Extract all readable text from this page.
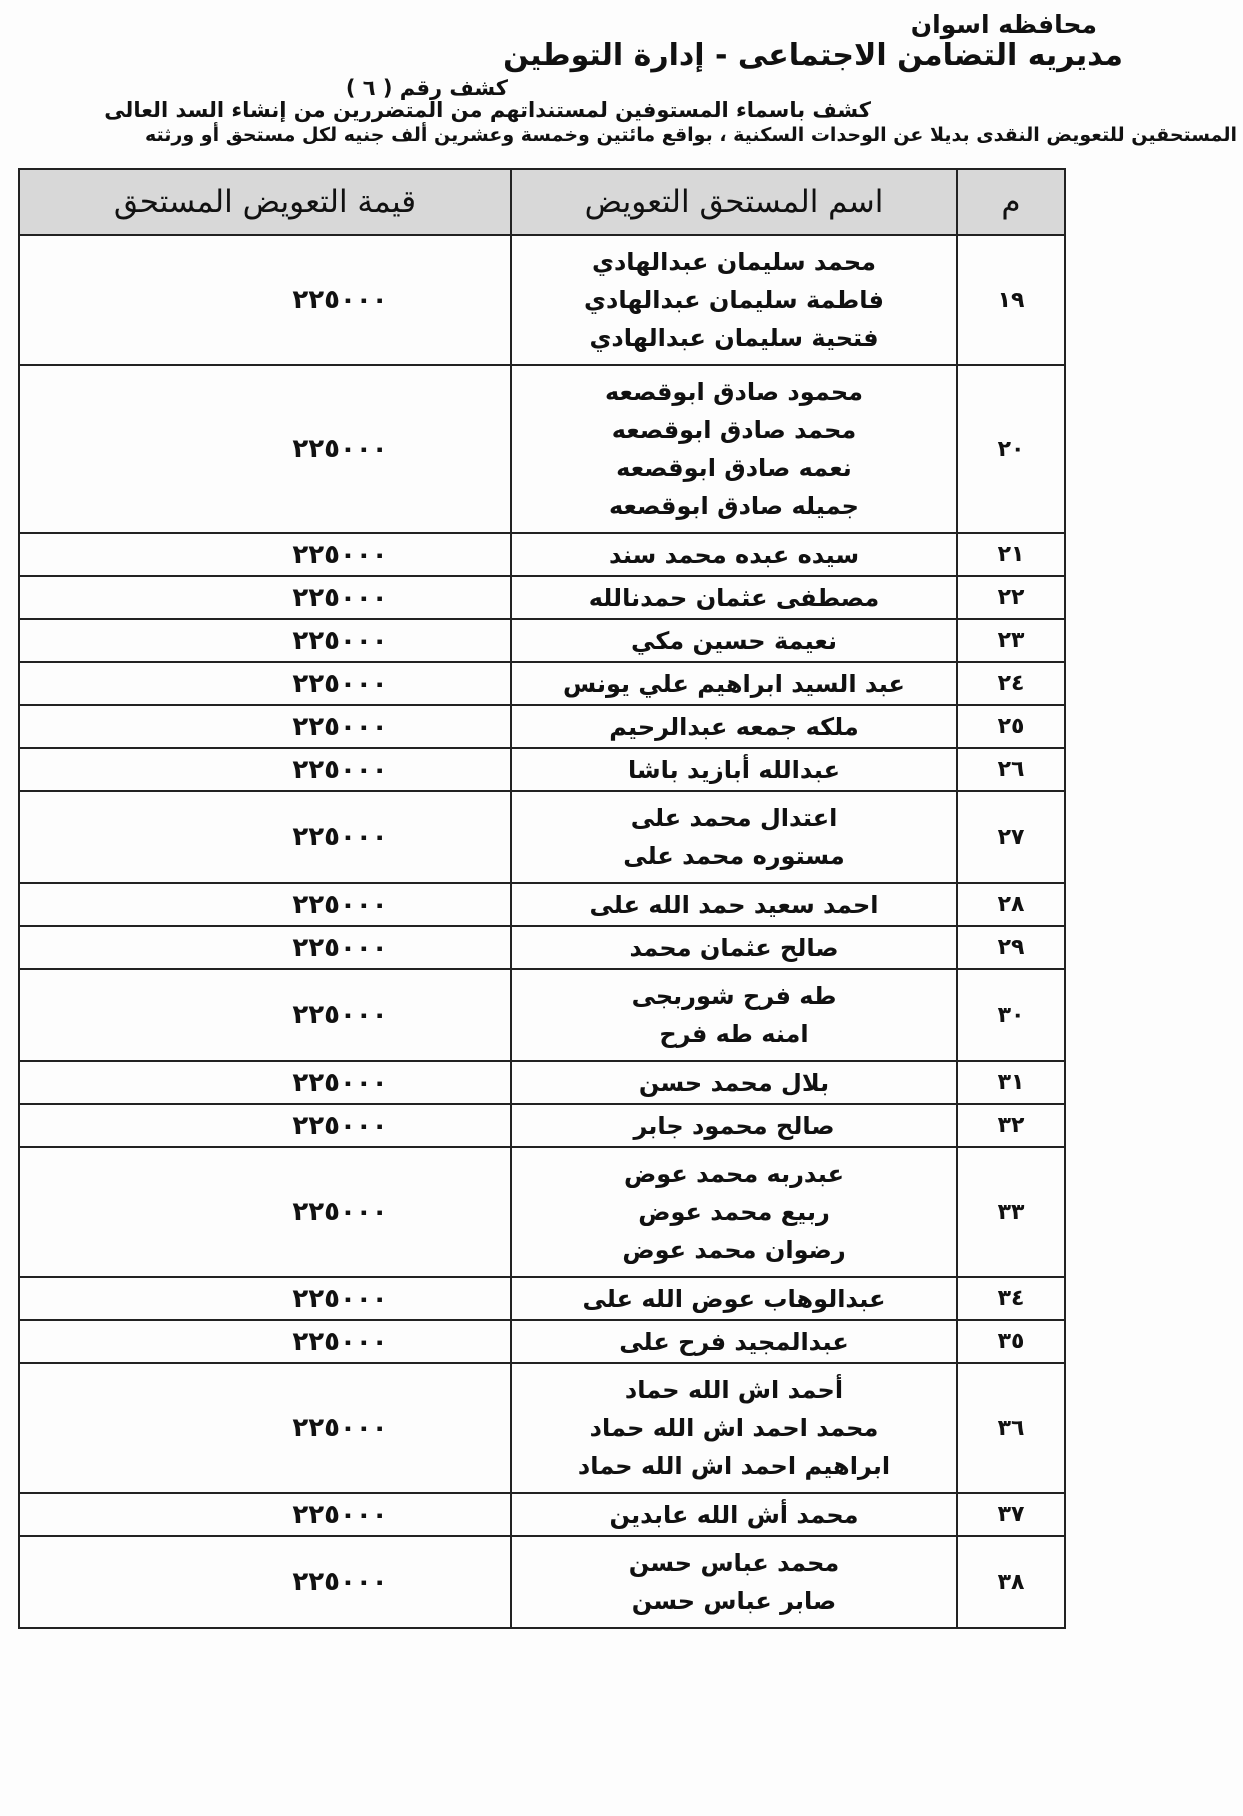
محافظه اسوان
مديريه التضامن الاجتماعى - إدارة التوطين
كشف رقم ( ٦ )
كشف باسماء المستوفين لمستنداتهم من المتضررين من إنشاء السد العالى
المستحقين للتعويض النقدى بديلا عن الوحدات السكنية ، بواقع مائتين وخمسة وعشرين ألف جنيه لكل مستحق أو ورثته
م	اسم المستحق التعويض	قيمة التعويض المستحق
١٩	محمد سليمان عبدالهادي
فاطمة سليمان عبدالهادي
فتحية سليمان عبدالهادي	٢٢٥٠٠٠
٢٠	محمود صادق ابوقصعه
محمد صادق ابوقصعه
نعمه صادق ابوقصعه
جميله صادق ابوقصعه	٢٢٥٠٠٠
٢١	سيده عبده محمد سند	٢٢٥٠٠٠
٢٢	مصطفى عثمان حمدنالله	٢٢٥٠٠٠
٢٣	نعيمة حسين مكي	٢٢٥٠٠٠
٢٤	عبد السيد ابراهيم علي يونس	٢٢٥٠٠٠
٢٥	ملكه جمعه عبدالرحيم	٢٢٥٠٠٠
٢٦	عبدالله أبازيد باشا	٢٢٥٠٠٠
٢٧	اعتدال محمد على
مستوره محمد على	٢٢٥٠٠٠
٢٨	احمد سعيد حمد الله على	٢٢٥٠٠٠
٢٩	صالح عثمان محمد	٢٢٥٠٠٠
٣٠	طه فرح شوربجى
امنه طه فرح	٢٢٥٠٠٠
٣١	بلال محمد حسن	٢٢٥٠٠٠
٣٢	صالح محمود جابر	٢٢٥٠٠٠
٣٣	عبدربه محمد عوض
ربيع محمد عوض
رضوان محمد عوض	٢٢٥٠٠٠
٣٤	عبدالوهاب عوض الله على	٢٢٥٠٠٠
٣٥	عبدالمجيد فرح على	٢٢٥٠٠٠
٣٦	أحمد اش الله حماد
محمد احمد اش الله حماد
ابراهيم احمد اش الله حماد	٢٢٥٠٠٠
٣٧	محمد أش الله عابدين	٢٢٥٠٠٠
٣٨	محمد عباس حسن
صابر عباس حسن	٢٢٥٠٠٠
